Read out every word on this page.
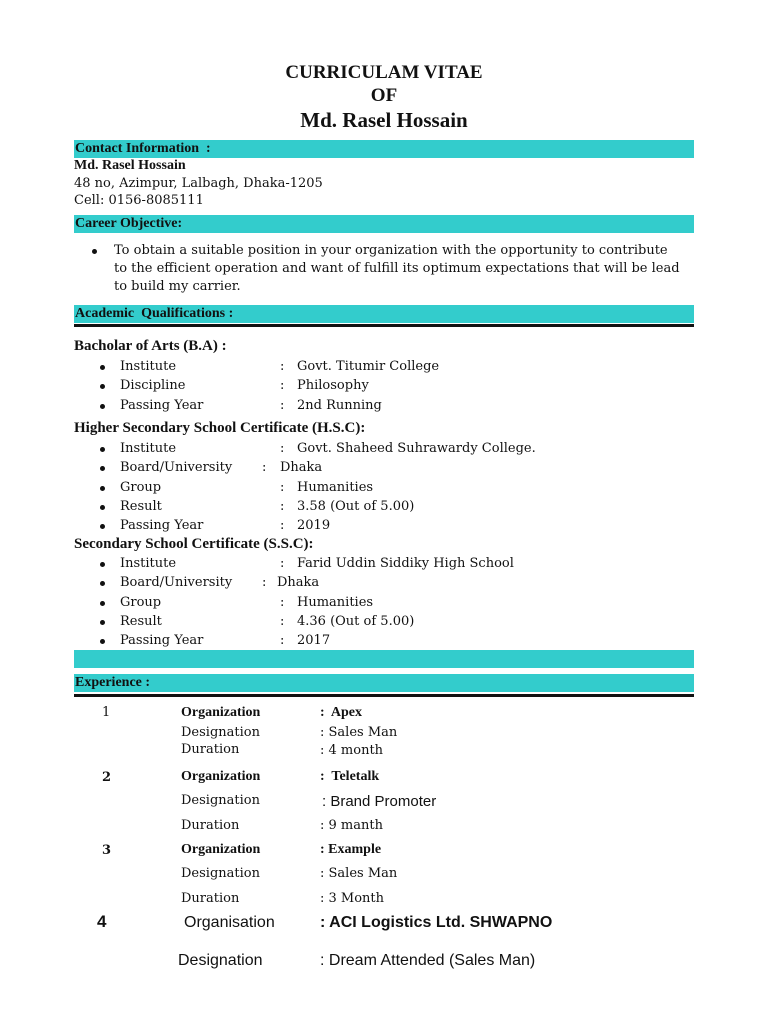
CURRICULAM VITAE
OF
Md. Rasel Hossain
Contact Information  :
Md. Rasel Hossain
48 no, Azimpur, Lalbagh, Dhaka-1205
Cell: 0156-8085111
Career Objective:
To obtain a suitable position in your organization with the opportunity to contribute
to the efficient operation and want of fulfill its optimum expectations that will be lead
to build my carrier.
Academic  Qualifications :
Bacholar of Arts (B.A) :
Institute	: Govt. Titumir College
Discipline	: Philosophy
Passing Year	: 2nd Running
Higher Secondary School Certificate (H.S.C):
Institute	: Govt. Shaheed Suhrawardy College.
Board/University : Dhaka
Group	: Humanities
Result	: 3.58 (Out of 5.00)
Passing Year	: 2019
Secondary School Certificate (S.S.C):
Institute	: Farid Uddin Siddiky High School
Board/University : Dhaka
Group	: Humanities
Result	: 4.36 (Out of 5.00)
Passing Year	: 2017
Experience :
1	Organization	:  Apex
Designation	: Sales Man
Duration	: 4 month
2	Organization	:  Teletalk
Designation	: Brand Promoter
Duration	: 9 manth
3	Organization	: Example
Designation	: Sales Man
Duration	: 3 Month
4	Organisation	: ACI Logistics Ltd. SHWAPNO
Designation	: Dream Attended (Sales Man)
